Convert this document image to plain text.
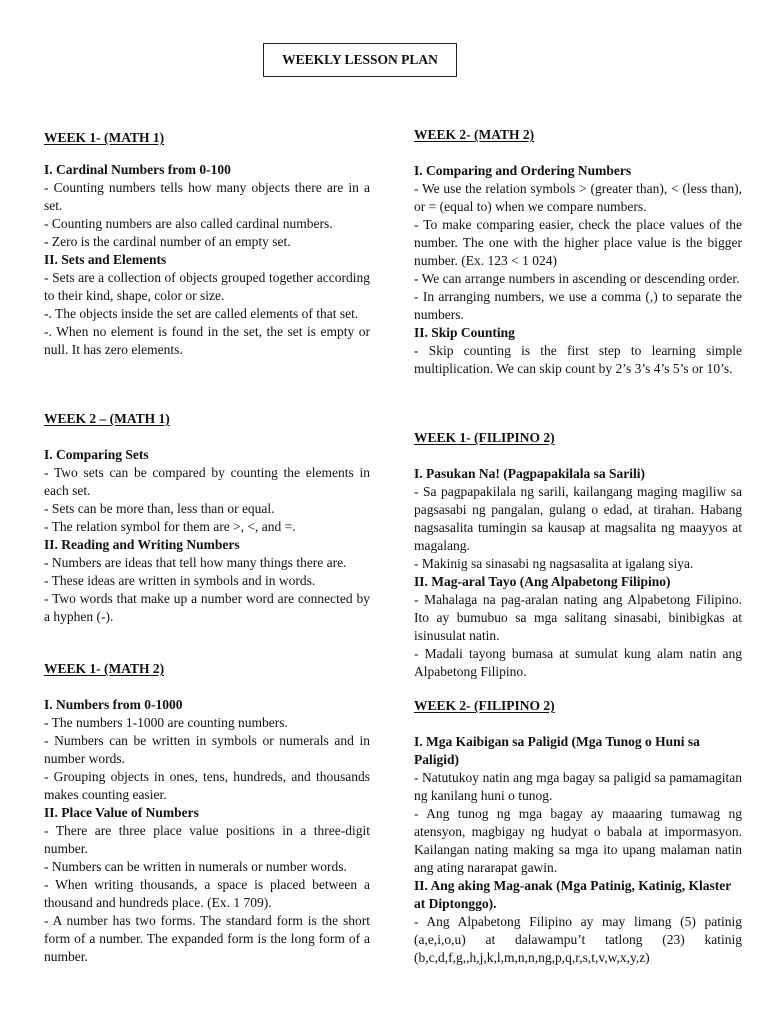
WEEKLY LESSON PLAN
WEEK 1- (MATH 1)
I. Cardinal Numbers from 0-100
- Counting numbers tells how many objects there are in a set.
- Counting numbers are also called cardinal numbers.
- Zero is the cardinal number of an empty set.
II. Sets and Elements
- Sets are a collection of objects grouped together according to their kind, shape, color or size.
-. The objects inside the set are called elements of that set.
-. When no element is found in the set, the set is empty or null. It has zero elements.
WEEK 2 – (MATH 1)
I. Comparing Sets
- Two sets can be compared by counting the elements in each set.
- Sets can be more than, less than or equal.
- The relation symbol for them are >, <, and =.
II. Reading and Writing Numbers
- Numbers are ideas that tell how many things there are.
- These ideas are written in symbols and in words.
- Two words that make up a number word are connected by a hyphen (-).
WEEK 1- (MATH 2)
I. Numbers from 0-1000
- The numbers 1-1000 are counting numbers.
- Numbers can be written in symbols or numerals and in number words.
- Grouping objects in ones, tens, hundreds, and thousands makes counting easier.
II. Place Value of Numbers
- There are three place value positions in a three-digit number.
- Numbers can be written in numerals or number words.
- When writing thousands, a space is placed between a thousand and hundreds place. (Ex. 1 709).
- A number has two forms. The standard form is the short form of a number. The expanded form is the long form of a number.
WEEK 2- (MATH 2)
I. Comparing and Ordering Numbers
- We use the relation symbols > (greater than), < (less than), or = (equal to) when we compare numbers.
- To make comparing easier, check the place values of the number. The one with the higher place value is the bigger number. (Ex. 123 < 1 024)
- We can arrange numbers in ascending or descending order.
- In arranging numbers, we use a comma (,) to separate the numbers.
II. Skip Counting
- Skip counting is the first step to learning simple multiplication. We can skip count by 2’s 3’s 4’s 5’s or 10’s.
WEEK 1- (FILIPINO 2)
I. Pasukan Na! (Pagpapakilala sa Sarili)
- Sa pagpapakilala ng sarili, kailangang maging magiliw sa pagsasabi ng pangalan, gulang o edad, at tirahan. Habang nagsasalita tumingin sa kausap at magsalita ng maayyos at magalang.
- Makinig sa sinasabi ng nagsasalita at igalang siya.
II. Mag-aral Tayo (Ang Alpabetong Filipino)
- Mahalaga na pag-aralan nating ang Alpabetong Filipino. Ito ay bumubuo sa mga salitang sinasabi, binibigkas at isinusulat natin.
- Madali tayong bumasa at sumulat kung alam natin ang Alpabetong Filipino.
WEEK 2- (FILIPINO 2)
I. Mga Kaibigan sa Paligid (Mga Tunog o Huni sa Paligid)
- Natutukoy natin ang mga bagay sa paligid sa pamamagitan ng kanilang huni o tunog.
- Ang tunog ng mga bagay ay maaaring tumawag ng atensyon, magbigay ng hudyat o babala at impormasyon. Kailangan nating making sa mga ito upang malaman natin ang ating nararapat gawin.
II. Ang aking Mag-anak (Mga Patinig, Katinig, Klaster at Diptonggo).
- Ang Alpabetong Filipino ay may limang (5) patinig (a,e,i,o,u) at dalawampu’t tatlong (23) katinig (b,c,d,f,g,,h,j,k,l,m,n,n,ng,p,q,r,s,t,v,w,x,y,z)
